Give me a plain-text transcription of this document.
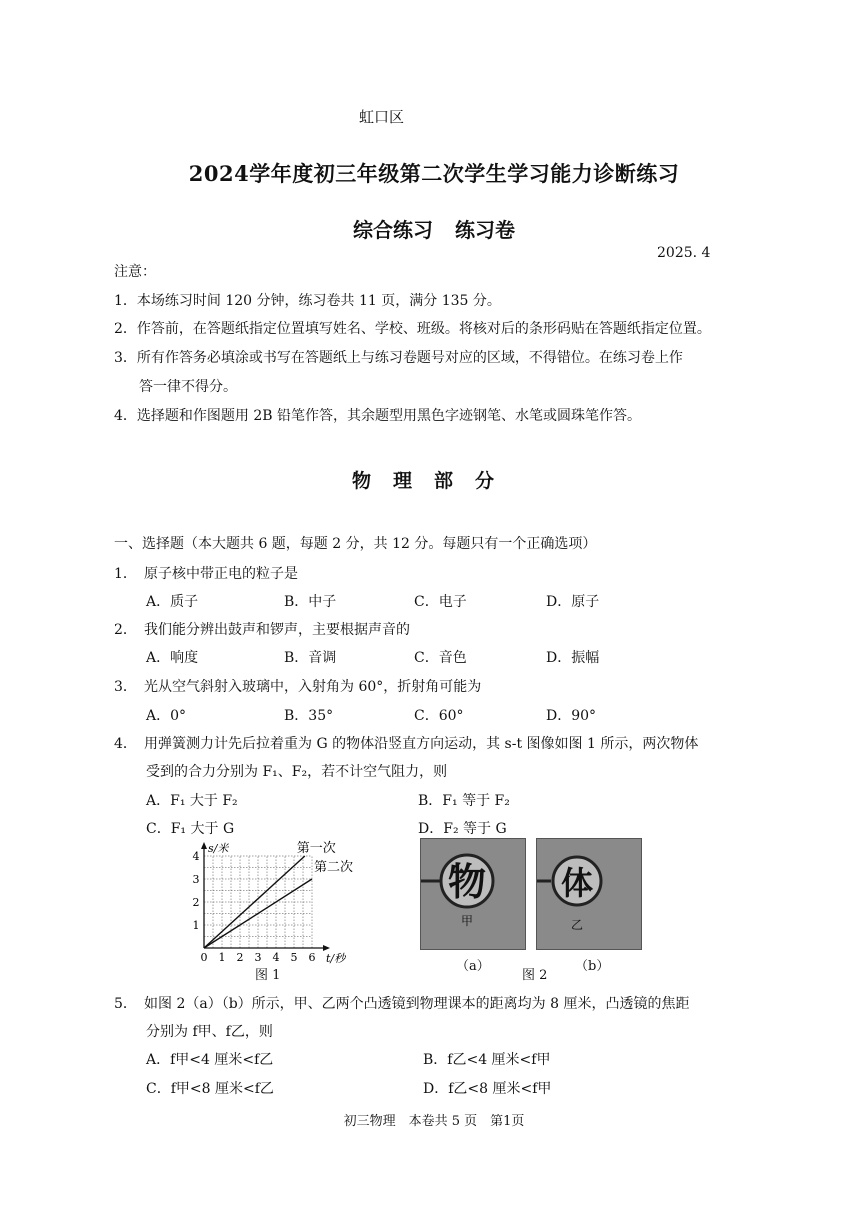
虹口区
2024学年度初三年级第二次学生学习能力诊断练习
综合练习 练习卷
2025. 4
注意：
1．本场练习时间 120 分钟，练习卷共 11 页，满分 135 分。
2．作答前，在答题纸指定位置填写姓名、学校、班级。将核对后的条形码贴在答题纸指定位置。
3．所有作答务必填涂或书写在答题纸上与练习卷题号对应的区域，不得错位。在练习卷上作
答一律不得分。
4．选择题和作图题用 2B 铅笔作答，其余题型用黑色字迹钢笔、水笔或圆珠笔作答。
物理部分
一、选择题（本大题共 6 题，每题 2 分，共 12 分。每题只有一个正确选项）
1． 原子核中带正电的粒子是
A．质子	B．中子	C．电子	D．原子
2． 我们能分辨出鼓声和锣声，主要根据声音的
A．响度	B．音调	C．音色	D．振幅
3． 光从空气斜射入玻璃中，入射角为 60°，折射角可能为
A．0°	B．35°	C．60°	D．90°
4． 用弹簧测力计先后拉着重为 G 的物体沿竖直方向运动，其 s-t 图像如图 1 所示，两次物体
受到的合力分别为 F₁、F₂，若不计空气阻力，则
A．F₁ 大于 F₂	B．F₁ 等于 F₂
C．F₁ 大于 G	D．F₂ 等于 G
0 1 2 3 4 5 6
1
2
3
4
t/秒
s/米	第一次
第二次
图 1
物
甲
体
乙
（a）	（b）
图 2
5． 如图 2（a）（b）所示，甲、乙两个凸透镜到物理课本的距离均为 8 厘米，凸透镜的焦距
分别为 f甲、f乙，则
A．f甲<4 厘米<f乙	B．f乙<4 厘米<f甲
C．f甲<8 厘米<f乙	D．f乙<8 厘米<f甲
初三物理　本卷共 5 页　第1页
